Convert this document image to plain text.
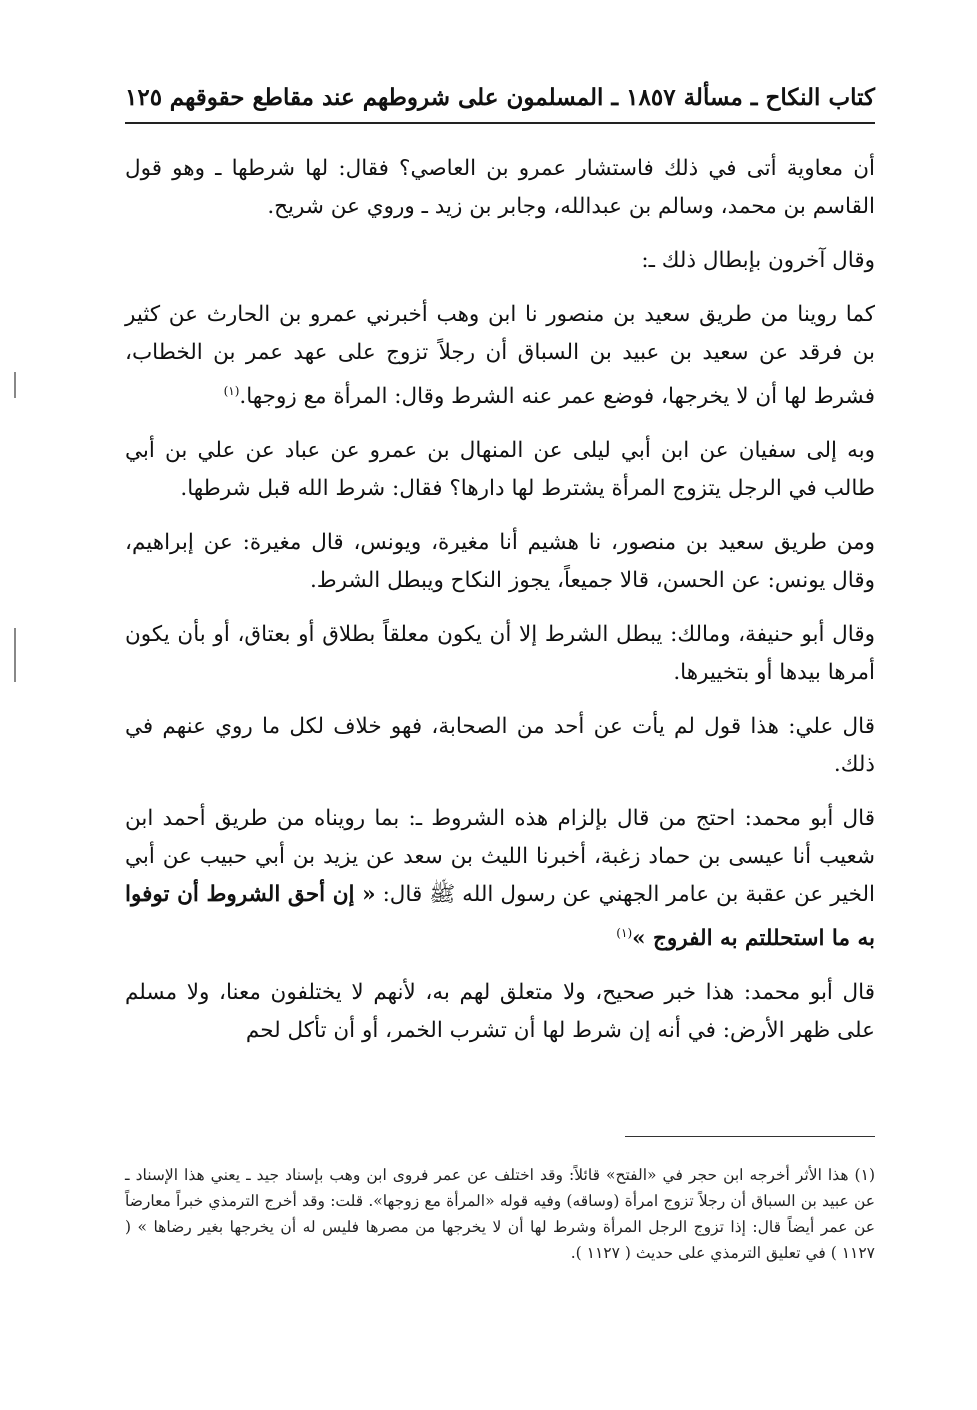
كتاب النكاح ـ مسألة ١٨٥٧ ـ المسلمون على شروطهم عند مقاطع حقوقهم
١٢٥

أن معاوية أتى في ذلك فاستشار عمرو بن العاصي؟ فقال: لها شرطها ـ وهو قول القاسم بن محمد، وسالم بن عبدالله، وجابر بن زيد ـ وروي عن شريح.

وقال آخرون بإبطال ذلك ـ:

كما روينا من طريق سعيد بن منصور نا ابن وهب أخبرني عمرو بن الحارث عن كثير بن فرقد عن سعيد بن عبيد بن السباق أن رجلاً تزوج على عهد عمر بن الخطاب، فشرط لها أن لا يخرجها، فوضع عمر عنه الشرط وقال: المرأة مع زوجها.$^{(١)}$

وبه إلى سفيان عن ابن أبي ليلى عن المنهال بن عمرو عن عباد عن علي بن أبي طالب في الرجل يتزوج المرأة يشترط لها دارها؟ فقال: شرط الله قبل شرطها.

ومن طريق سعيد بن منصور، نا هشيم أنا مغيرة، ويونس، قال مغيرة: عن إبراهيم، وقال يونس: عن الحسن، قالا جميعاً، يجوز النكاح ويبطل الشرط.

وقال أبو حنيفة، ومالك: يبطل الشرط إلا أن يكون معلقاً بطلاق أو بعتاق، أو بأن يكون أمرها بيدها أو بتخييرها.

قال علي: هذا قول لم يأت عن أحد من الصحابة، فهو خلاف لكل ما روي عنهم في ذلك.

قال أبو محمد: احتج من قال بإلزام هذه الشروط ـ: بما رويناه من طريق أحمد ابن شعيب أنا عيسى بن حماد زغبة، أخبرنا الليث بن سعد عن يزيد بن أبي حبيب عن أبي الخير عن عقبة بن عامر الجهني عن رسول الله ﷺ قال: « إن أحق الشروط أن توفوا به ما استحللتم به الفروج »$^{(١)}$

قال أبو محمد: هذا خبر صحيح، ولا متعلق لهم به، لأنهم لا يختلفون معنا، ولا مسلم على ظهر الأرض: في أنه إن شرط لها أن تشرب الخمر، أو أن تأكل لحم

(١) هذا الأثر أخرجه ابن حجر في «الفتح» قائلاً: وقد اختلف عن عمر فروى ابن وهب بإسناد جيد ـ يعني هذا الإسناد ـ عن عبيد بن السباق أن رجلاً تزوج امرأة (وساقه) وفيه قوله «المرأة مع زوجها». قلت: وقد أخرج الترمذي خبراً معارضاً عن عمر أيضاً قال: إذا تزوج الرجل المرأة وشرط لها أن لا يخرجها من مصرها فليس له أن يخرجها بغير رضاها » ( ١١٢٧ ) في تعليق الترمذي على حديث ( ١١٢٧ ).
